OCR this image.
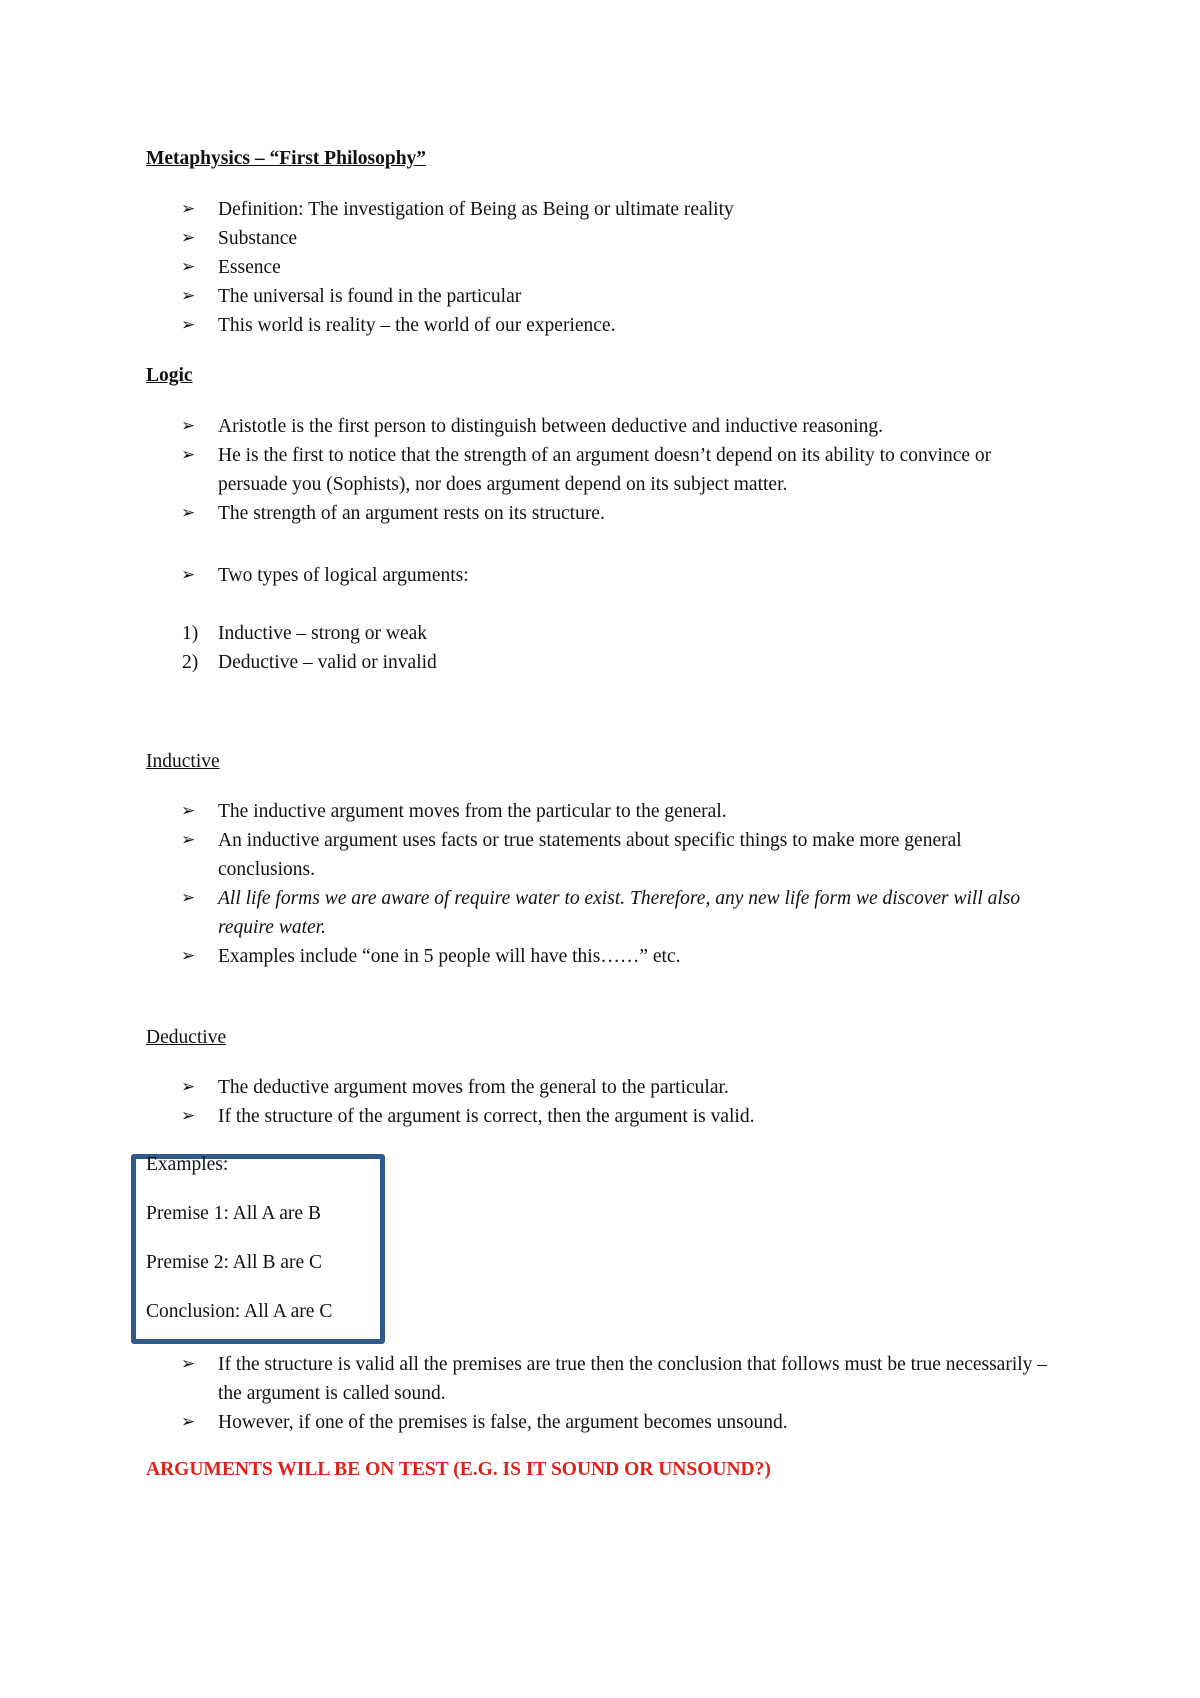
Metaphysics – “First Philosophy”

➢ Definition: The investigation of Being as Being or ultimate reality
➢ Substance
➢ Essence
➢ The universal is found in the particular
➢ This world is reality – the world of our experience.

Logic

➢ Aristotle is the first person to distinguish between deductive and inductive reasoning.
➢ He is the first to notice that the strength of an argument doesn’t depend on its ability to convince or persuade you (Sophists), nor does argument depend on its subject matter.
➢ The strength of an argument rests on its structure.
➢ Two types of logical arguments:
1) Inductive – strong or weak
2) Deductive – valid or invalid

Inductive

➢ The inductive argument moves from the particular to the general.
➢ An inductive argument uses facts or true statements about specific things to make more general conclusions.
➢ All life forms we are aware of require water to exist. Therefore, any new life form we discover will also require water.
➢ Examples include “one in 5 people will have this……” etc.

Deductive

➢ The deductive argument moves from the general to the particular.
➢ If the structure of the argument is correct, then the argument is valid.

Examples:

Premise 1: All A are B

Premise 2: All B are C

Conclusion: All A are C

➢ If the structure is valid all the premises are true then the conclusion that follows must be true necessarily – the argument is called sound.
➢ However, if one of the premises is false, the argument becomes unsound.

ARGUMENTS WILL BE ON TEST (E.G. IS IT SOUND OR UNSOUND?)
